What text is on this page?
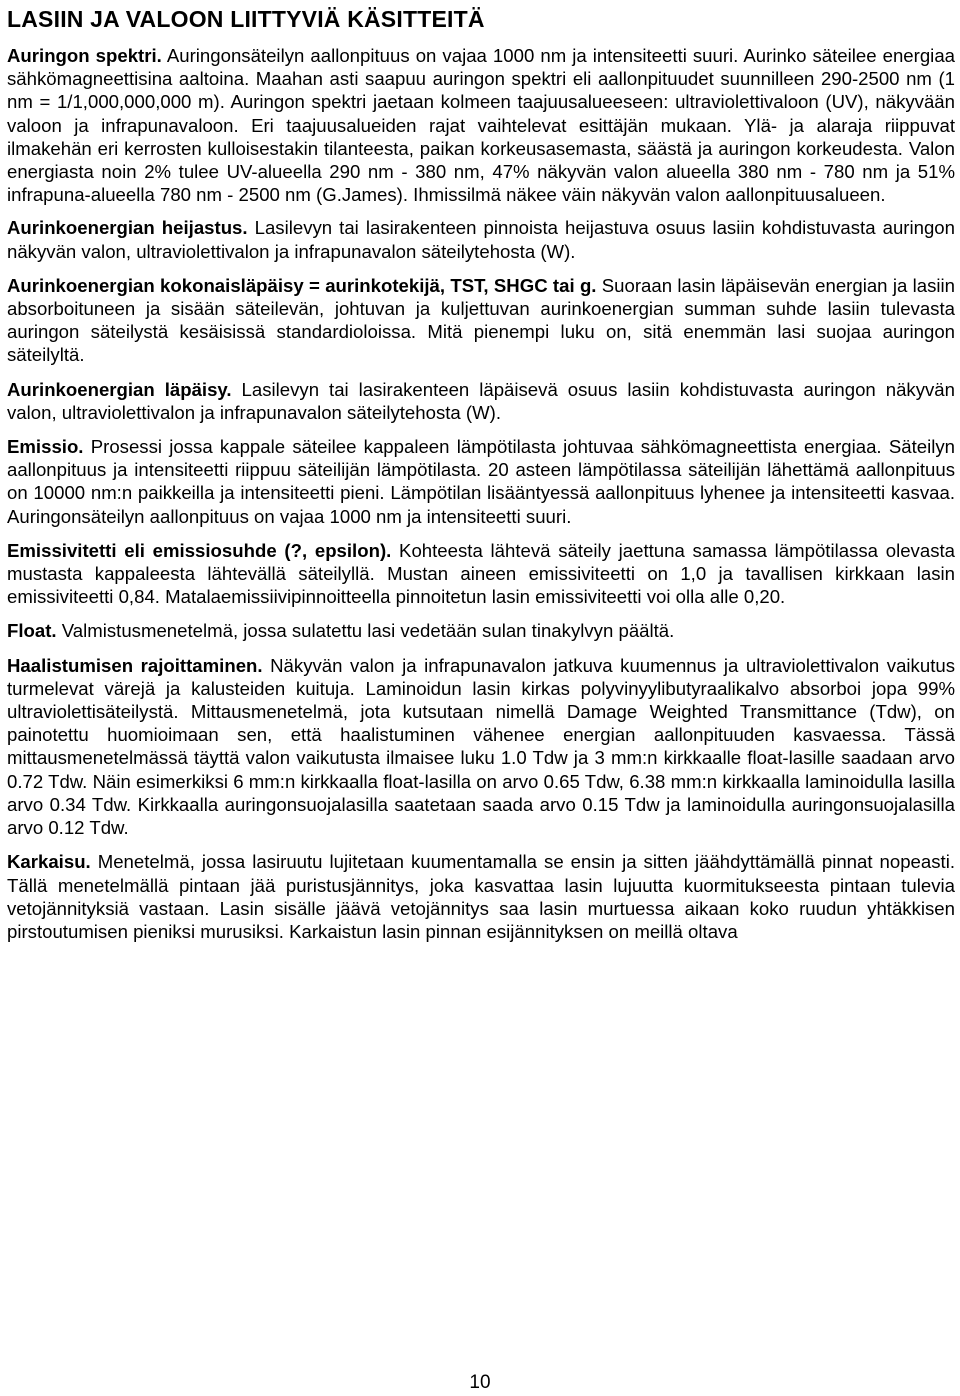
LASIIN JA VALOON LIITTYVIÄ KÄSITTEITÄ

Auringon spektri. Auringonsäteilyn aallonpituus on vajaa 1000 nm ja intensiteetti suuri. Aurinko säteilee energiaa sähkömagneettisina aaltoina. Maahan asti saapuu auringon spektri eli aallonpituudet suunnilleen 290-2500 nm (1 nm = 1/1,000,000,000 m). Auringon spektri jaetaan kolmeen taajuusalueeseen: ultraviolettivaloon (UV), näkyvään valoon ja infrapunavaloon. Eri taajuusalueiden rajat vaihtelevat esittäjän mukaan. Ylä- ja alaraja riippuvat ilmakehän eri kerrosten kulloisestakin tilanteesta, paikan korkeusasemasta, säästä ja auringon korkeudesta. Valon energiasta noin 2% tulee UV-alueella 290 nm - 380 nm, 47% näkyvän valon alueella 380 nm - 780 nm ja 51% infrapuna-alueella 780 nm - 2500 nm (G.James). Ihmissilmä näkee väin näkyvän valon aallonpituusalueen.

Aurinkoenergian heijastus. Lasilevyn tai lasirakenteen pinnoista heijastuva osuus lasiin kohdistuvasta auringon näkyvän valon, ultraviolettivalon ja infrapunavalon säteilytehosta (W).

Aurinkoenergian kokonaisläpäisy = aurinkotekijä, TST, SHGC tai g. Suoraan lasin läpäisevän energian ja lasiin absorboituneen ja sisään säteilevän, johtuvan ja kuljettuvan aurinkoenergian summan suhde lasiin tulevasta auringon säteilystä kesäisissä standardioloissa. Mitä pienempi luku on, sitä enemmän lasi suojaa auringon säteilyltä.

Aurinkoenergian läpäisy. Lasilevyn tai lasirakenteen läpäisevä osuus lasiin kohdistuvasta auringon näkyvän valon, ultraviolettivalon ja infrapunavalon säteilytehosta (W).

Emissio. Prosessi jossa kappale säteilee kappaleen lämpötilasta johtuvaa sähkömagneettista energiaa. Säteilyn aallonpituus ja intensiteetti riippuu säteilijän lämpötilasta. 20 asteen lämpötilassa säteilijän lähettämä aallonpituus on 10000 nm:n paikkeilla ja intensiteetti pieni. Lämpötilan lisääntyessä aallonpituus lyhenee ja intensiteetti kasvaa. Auringonsäteilyn aallonpituus on vajaa 1000 nm ja intensiteetti suuri.

Emissivitetti eli emissiosuhde (?, epsilon). Kohteesta lähtevä säteily jaettuna samassa lämpötilassa olevasta mustasta kappaleesta lähtevällä säteilyllä. Mustan aineen emissiviteetti on 1,0 ja tavallisen kirkkaan lasin emissiviteetti 0,84. Matalaemissiivipinnoitteella pinnoitetun lasin emissiviteetti voi olla alle 0,20.

Float. Valmistusmenetelmä, jossa sulatettu lasi vedetään sulan tinakylvyn päältä.

Haalistumisen rajoittaminen. Näkyvän valon ja infrapunavalon jatkuva kuumennus ja ultraviolettivalon vaikutus turmelevat värejä ja kalusteiden kuituja. Laminoidun lasin kirkas polyvinyylibutyraalikalvo absorboi jopa 99% ultraviolettisäteilystä. Mittausmenetelmä, jota kutsutaan nimellä Damage Weighted Transmittance (Tdw), on painotettu huomioimaan sen, että haalistuminen vähenee energian aallonpituuden kasvaessa. Tässä mittausmenetelmässä täyttä valon vaikutusta ilmaisee luku 1.0 Tdw ja 3 mm:n kirkkaalle float-lasille saadaan arvo 0.72 Tdw. Näin esimerkiksi 6 mm:n kirkkaalla float-lasilla on arvo 0.65 Tdw, 6.38 mm:n kirkkaalla laminoidulla lasilla arvo 0.34 Tdw. Kirkkaalla auringonsuojalasilla saatetaan saada arvo 0.15 Tdw ja laminoidulla auringonsuojalasilla arvo 0.12 Tdw.

Karkaisu. Menetelmä, jossa lasiruutu lujitetaan kuumentamalla se ensin ja sitten jäähdyttämällä pinnat nopeasti. Tällä menetelmällä pintaan jää puristusjännitys, joka kasvattaa lasin lujuutta kuormitukseesta pintaan tulevia vetojännityksiä vastaan. Lasin sisälle jäävä vetojännitys saa lasin murtuessa aikaan koko ruudun yhtäkkisen pirstoutumisen pieniksi murusiksi. Karkaistun lasin pinnan esijännityksen on meillä oltava

10
